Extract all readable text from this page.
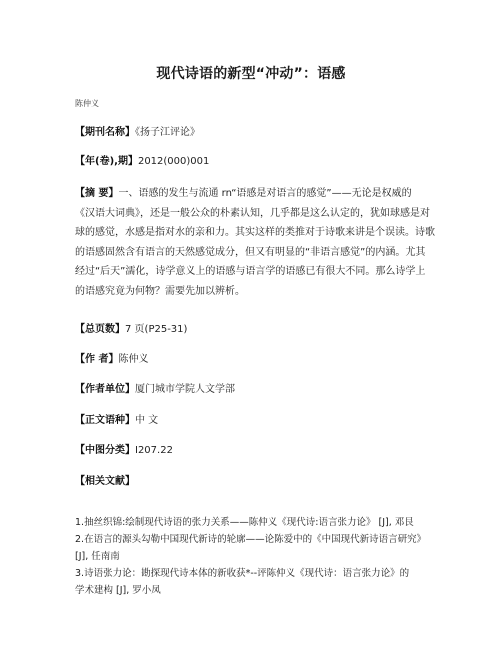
现代诗语的新型“冲动”：语感
陈仲义
【期刊名称】《扬子江评论》
【年(卷),期】2012(000)001
【摘 要】一、语感的发生与流通 rn“语感是对语言的感觉”——无论是权威的
《汉语大词典》，还是一般公众的朴素认知，几乎都是这么认定的，犹如球感是对
球的感觉，水感是指对水的亲和力。其实这样的类推对于诗歌来讲是个误读。诗歌
的语感固然含有语言的天然感觉成分，但又有明显的“非语言感觉”的内涵。尤其
经过“后天”濡化，诗学意义上的语感与语言学的语感已有很大不同。那么诗学上
的语感究竟为何物？需要先加以辨析。
【总页数】7 页(P25-31)
【作 者】陈仲义
【作者单位】厦门城市学院人文学部
【正文语种】中 文
【中图分类】I207.22
【相关文献】
1.抽丝织锦:绘制现代诗语的张力关系——陈仲义《现代诗:语言张力论》 [J], 邓艮
2.在语言的源头勾勒中国现代新诗的轮廓——论陈爱中的《中国现代新诗语言研究》
[J], 任南南
3.诗语张力论：勘探现代诗本体的新收获*--评陈仲义《现代诗：语言张力论》的
学术建构 [J], 罗小凤
